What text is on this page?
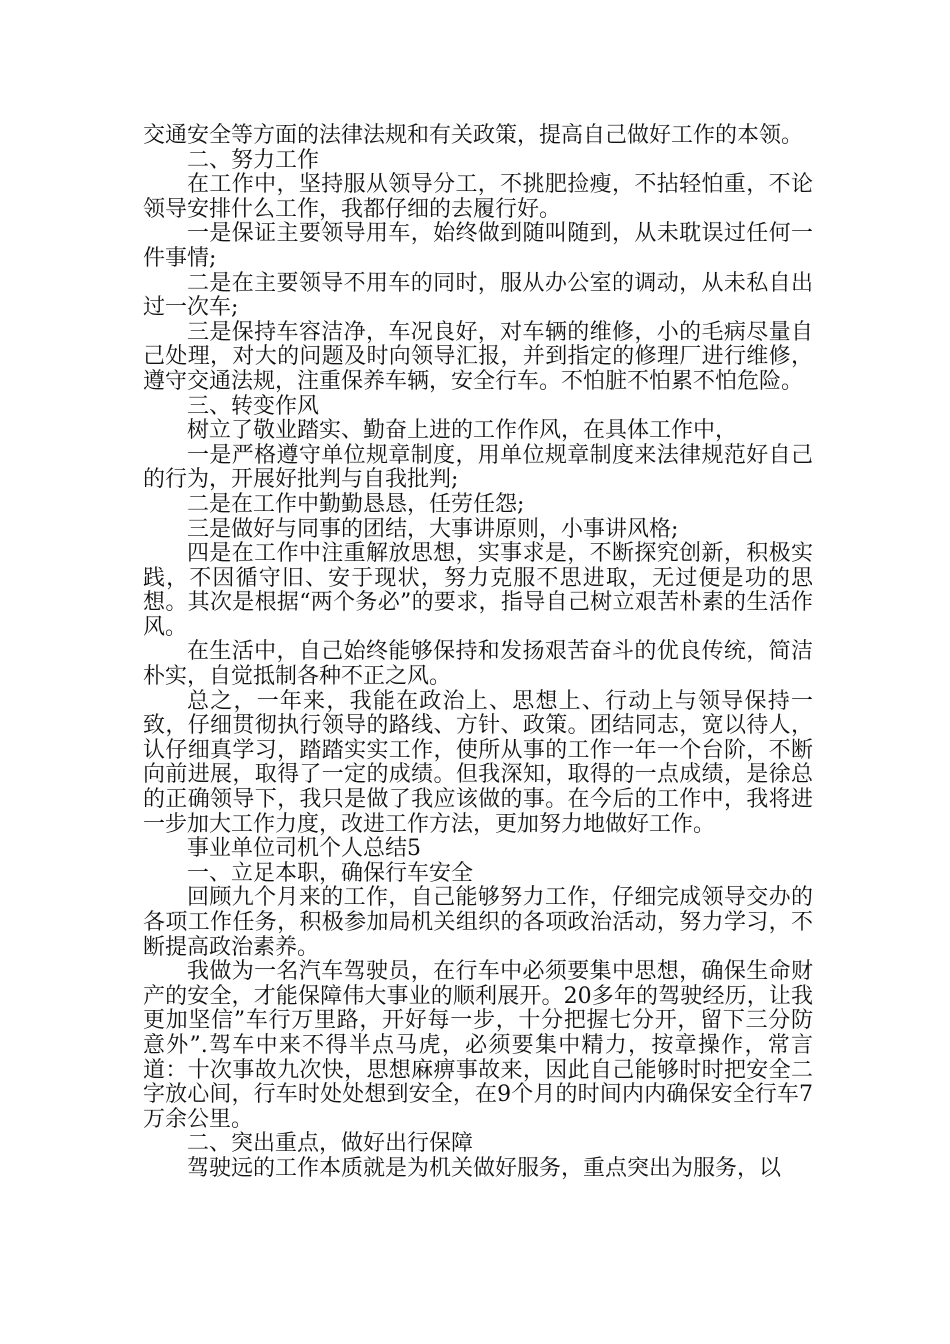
交通安全等方面的法律法规和有关政策，提高自己做好工作的本领。

二、努力工作

在工作中，坚持服从领导分工，不挑肥捡瘦，不拈轻怕重，不论领导安排什么工作，我都仔细的去履行好。

一是保证主要领导用车，始终做到随叫随到，从未耽误过任何一件事情;

二是在主要领导不用车的同时，服从办公室的调动，从未私自出过一次车;

三是保持车容洁净，车况良好，对车辆的维修，小的毛病尽量自己处理，对大的问题及时向领导汇报，并到指定的修理厂进行维修，遵守交通法规，注重保养车辆，安全行车。不怕脏不怕累不怕危险。

三、转变作风

树立了敬业踏实、勤奋上进的工作作风，在具体工作中，

一是严格遵守单位规章制度，用单位规章制度来法律规范好自己的行为，开展好批判与自我批判;

二是在工作中勤勤恳恳，任劳任怨;

三是做好与同事的团结，大事讲原则，小事讲风格;

四是在工作中注重解放思想，实事求是，不断探究创新，积极实践，不因循守旧、安于现状，努力克服不思进取，无过便是功的思想。其次是根据“两个务必”的要求，指导自己树立艰苦朴素的生活作风。

在生活中，自己始终能够保持和发扬艰苦奋斗的优良传统，简洁朴实，自觉抵制各种不正之风。

总之，一年来，我能在政治上、思想上、行动上与领导保持一致，仔细贯彻执行领导的路线、方针、政策。团结同志，宽以待人，认仔细真学习，踏踏实实工作，使所从事的工作一年一个台阶，不断向前进展，取得了一定的成绩。但我深知，取得的一点成绩，是徐总的正确领导下，我只是做了我应该做的事。在今后的工作中，我将进一步加大工作力度，改进工作方法，更加努力地做好工作。

事业单位司机个人总结5

一、立足本职，确保行车安全

回顾九个月来的工作，自己能够努力工作，仔细完成领导交办的各项工作任务，积极参加局机关组织的各项政治活动，努力学习，不断提高政治素养。

我做为一名汽车驾驶员，在行车中必须要集中思想，确保生命财产的安全，才能保障伟大事业的顺利展开。20多年的驾驶经历，让我更加坚信”车行万里路，开好每一步，十分把握七分开，留下三分防意外”.驾车中来不得半点马虎，必须要集中精力，按章操作，常言道：十次事故九次快，思想麻痹事故来，因此自己能够时时把安全二字放心间，行车时处处想到安全，在9个月的时间内内确保安全行车7万余公里。

二、突出重点，做好出行保障

驾驶远的工作本质就是为机关做好服务，重点突出为服务，以
